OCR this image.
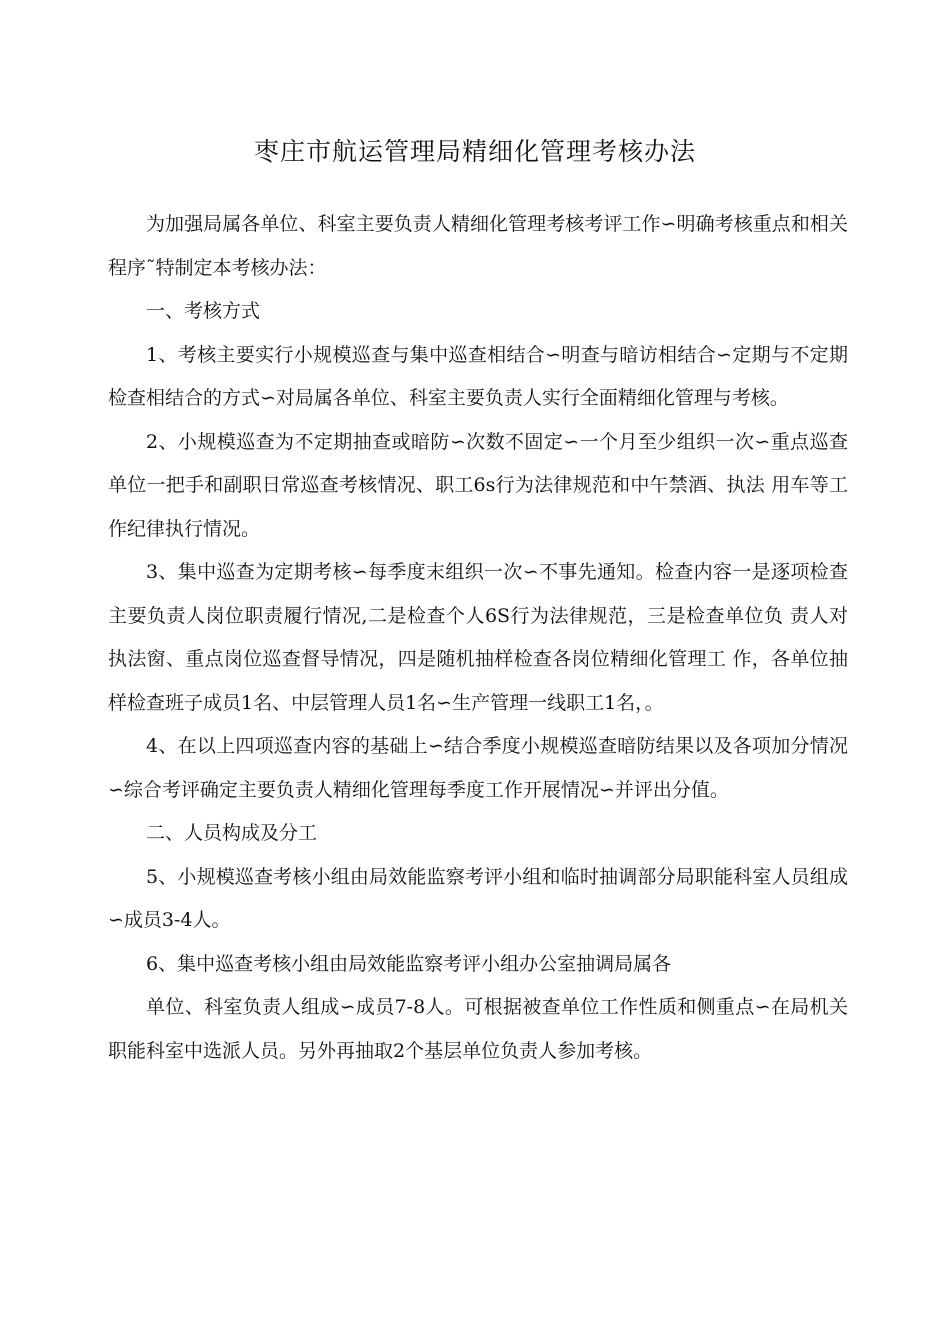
枣庄市航运管理局精细化管理考核办法

为加强局属各单位、科室主要负责人精细化管理考核考评工作∽明确考核重点和相关程序˜特制定本考核办法：

一、考核方式

1、考核主要实行小规模巡查与集中巡查相结合∽明查与暗访相结合∽定期与不定期检查相结合的方式∽对局属各单位、科室主要负责人实行全面精细化管理与考核。

2、小规模巡查为不定期抽查或暗防∽次数不固定∽一个月至少组织一次∽重点巡查单位一把手和副职日常巡查考核情况、职工6s行为法律规范和中午禁酒、执法 用车等工作纪律执行情况。

3、集中巡查为定期考核∽每季度末组织一次∽不事先通知。检查内容一是逐项检查主要负责人岗位职责履行情况,二是检查个人6S行为法律规范，三是检查单位负 责人对执法窗、重点岗位巡查督导情况，四是随机抽样检查各岗位精细化管理工 作，各单位抽样检查班子成员1名、中层管理人员1名∽生产管理一线职工1名，。

4、在以上四项巡查内容的基础上∽结合季度小规模巡查暗防结果以及各项加分情况∽综合考评确定主要负责人精细化管理每季度工作开展情况∽并评出分值。

二、人员构成及分工

5、小规模巡查考核小组由局效能监察考评小组和临时抽调部分局职能科室人员组成∽成员3-4人。

6、集中巡查考核小组由局效能监察考评小组办公室抽调局属各

单位、科室负责人组成∽成员7-8人。可根据被查单位工作性质和侧重点∽在局机关职能科室中选派人员。另外再抽取2个基层单位负责人参加考核。
